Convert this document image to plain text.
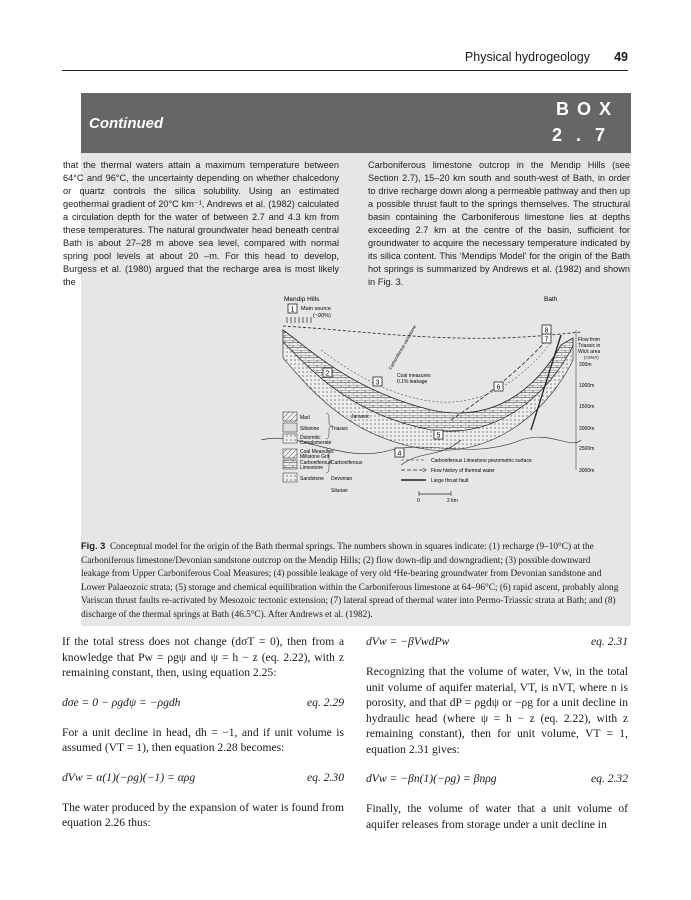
Physical hydrogeology 49
Continued
BOX
2.7
that the thermal waters attain a maximum temperature between 64°C and 96°C, the uncertainty depending on whether chalcedony or quartz controls the silica solubility. Using an estimated geothermal gradient of 20°C km⁻¹, Andrews et al. (1982) calculated a circulation depth for the water of between 2.7 and 4.3 km from these temperatures. The natural groundwater head beneath central Bath is about 27–28 m above sea level, compared with normal spring pool levels at about 20 –m. For this head to develop, Burgess et al. (1980) argued that the recharge area is most likely the
Carboniferous limestone outcrop in the Mendip Hills (see Section 2.7), 15–20 km south and south-west of Bath, in order to drive recharge down along a permeable pathway and then up a possible thrust fault to the springs themselves. The structural basin containing the Carboniferous limestone lies at depths exceeding 2.7 km at the centre of the basin, sufficient for groundwater to acquire the necessary temperature indicated by its silica content. This ‘Mendips Model’ for the origin of the Bath hot springs is summarized by Andrews et al. (1982) and shown in Fig. 3.
Mendip Hills	Bath
1 Main source
(~90%)
2
3
4
5
6
7
8
Coal measures
0.1% leakage
Jurassic
Carboniferous sandstone	Flow from
Triassic in
Wick area
(<3%?)
200m
1000m
1500m
2000m
2500m
3000m
Marl
Siltstone
Dolomitic
Conglomerate
Triassic
Coal Measures
Millstone Grit
Carboniferous
Limestone
Carboniferous
Sandstone Devonian
Silurian
Carboniferous Limestone piezometric surface
Flow history of thermal water
Large thrust fault
0	2 km
Fig. 3 Conceptual model for the origin of the Bath thermal springs. The numbers shown in squares indicate: (1) recharge (9–10°C) at the Carboniferous limestone/Devonian sandstone outcrop on the Mendip Hills; (2) flow down-dip and downgradient; (3) possible downward leakage from Upper Carboniferous Coal Measures; (4) possible leakage of very old ⁴He-bearing groundwater from Devonian sandstone and Lower Palaeozoic strata; (5) storage and chemical equilibration within the Carboniferous limestone at 64–96°C; (6) rapid ascent, probably along Variscan thrust faults re-activated by Mesozoic tectonic extension; (7) lateral spread of thermal water into Permo-Triassic strata at Bath; and (8) discharge of the thermal springs at Bath (46.5°C). After Andrews et al. (1982).

If the total stress does not change (dσT = 0), then from a knowledge that Pw = ρgψ and ψ = h − z (eq. 2.22), with z remaining constant, then, using equation 2.25:

dσe = 0 − ρgdψ = −ρgdh	eq. 2.29

For a unit decline in head, dh = −1, and if unit volume is assumed (VT = 1), then equation 2.28 becomes:

dVw = α(1)(−ρg)(−1) = αρg	eq. 2.30

The water produced by the expansion of water is found from equation 2.26 thus:

dVw = −βVwdPw	eq. 2.31

Recognizing that the volume of water, Vw, in the total unit volume of aquifer material, VT, is nVT, where n is porosity, and that dP = ρgdψ or −ρg for a unit decline in hydraulic head (where ψ = h − z (eq. 2.22), with z remaining constant), then for unit volume, VT = 1, equation 2.31 gives:

dVw = −βn(1)(−ρg) = βnρg	eq. 2.32

Finally, the volume of water that a unit volume of aquifer releases from storage under a unit decline in
